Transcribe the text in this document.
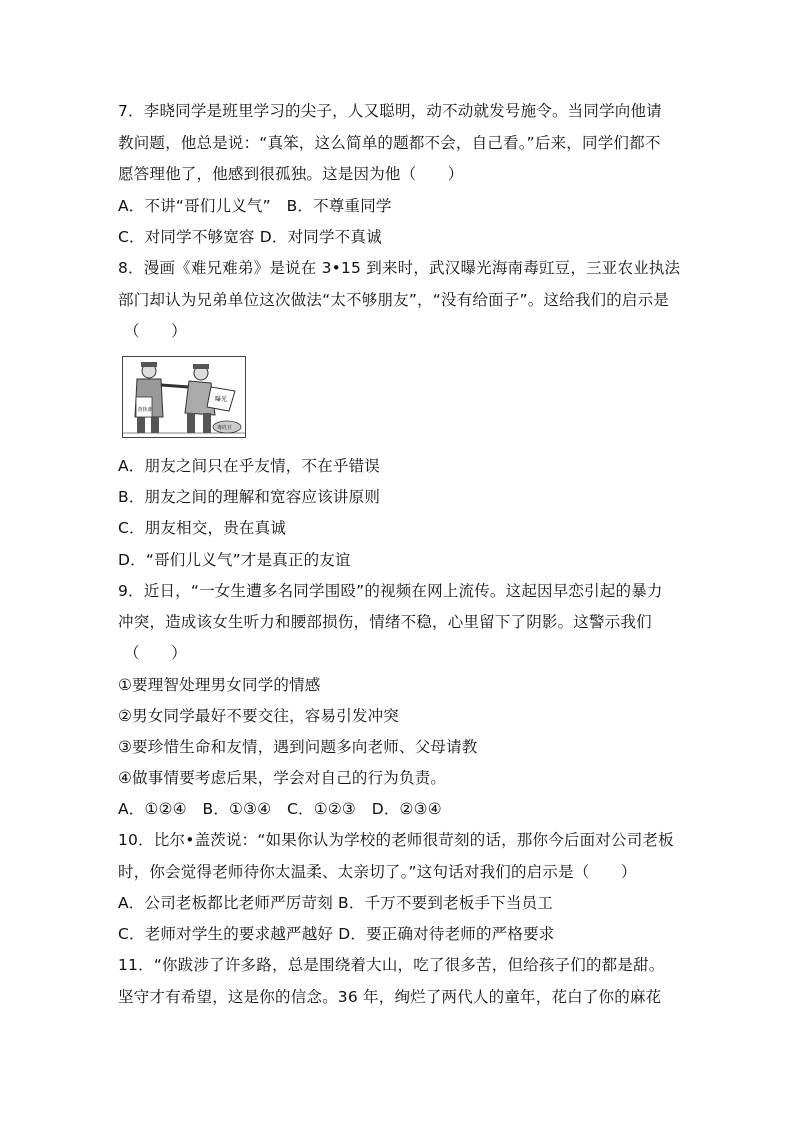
7．李晓同学是班里学习的尖子，人又聪明，动不动就发号施令。当同学向他请
教问题，他总是说：“真笨，这么简单的题都不会，自己看。”后来，同学们都不
愿答理他了，他感到很孤独。这是因为他（　　）
A．不讲“哥们儿义气”　B．不尊重同学
C．对同学不够宽容 D．对同学不真诚
8．漫画《难兄难弟》是说在 3•15 到来时，武汉曝光海南毒豇豆，三亚农业执法
部门却认为兄弟单位这次做法“太不够朋友”，“没有给面子”。这给我们的启示是
（　　）
查执部
曝光
毒豇豆
A．朋友之间只在乎友情，不在乎错误
B．朋友之间的理解和宽容应该讲原则
C．朋友相交，贵在真诚
D．“哥们儿义气”才是真正的友谊
9．近日，“一女生遭多名同学围殴”的视频在网上流传。这起因早恋引起的暴力
冲突，造成该女生听力和腰部损伤，情绪不稳，心里留下了阴影。这警示我们
（　　）
①要理智处理男女同学的情感
②男女同学最好不要交往，容易引发冲突
③要珍惜生命和友情，遇到问题多向老师、父母请教
④做事情要考虑后果，学会对自己的行为负责。
A．①②④　B．①③④　C．①②③　D．②③④
10．比尔•盖茨说：“如果你认为学校的老师很苛刻的话，那你今后面对公司老板
时，你会觉得老师待你太温柔、太亲切了。”这句话对我们的启示是（　　）
A．公司老板都比老师严厉苛刻 B．千万不要到老板手下当员工
C．老师对学生的要求越严越好 D．要正确对待老师的严格要求
11．“你跋涉了许多路，总是围绕着大山，吃了很多苦，但给孩子们的都是甜。
坚守才有希望，这是你的信念。36 年，绚烂了两代人的童年，花白了你的麻花
